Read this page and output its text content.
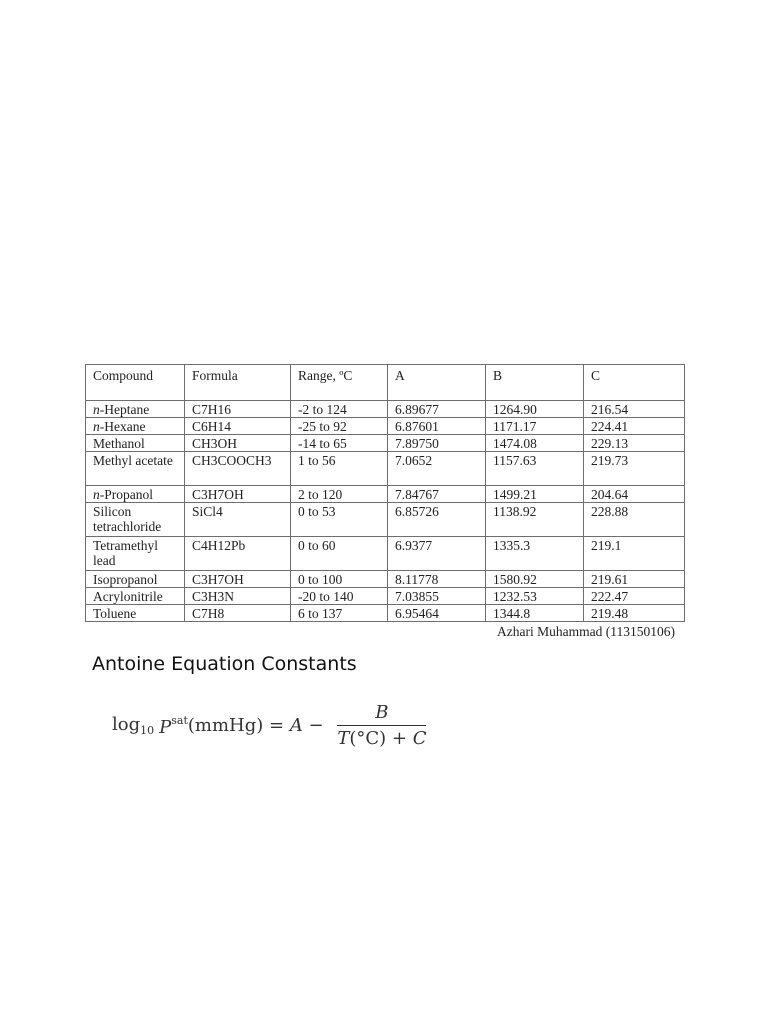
Compound	Formula	Range, ºC	A	B	C
n-Heptane	C7H16	-2 to 124	6.89677	1264.90	216.54
n-Hexane	C6H14	-25 to 92	6.87601	1171.17	224.41
Methanol	CH3OH	-14 to 65	7.89750	1474.08	229.13
Methyl acetate	CH3COOCH3	1 to 56	7.0652	1157.63	219.73
n-Propanol	C3H7OH	2 to 120	7.84767	1499.21	204.64
Silicon tetrachloride	SiCl4	0 to 53	6.85726	1138.92	228.88
Tetramethyl lead	C4H12Pb	0 to 60	6.9377	1335.3	219.1
Isopropanol	C3H7OH	0 to 100	8.11778	1580.92	219.61
Acrylonitrile	C3H3N	-20 to 140	7.03855	1232.53	222.47
Toluene	C7H8	6 to 137	6.95464	1344.8	219.48
Azhari Muhammad (113150106)
Antoine Equation Constants
$\log_{10} P^{sat}$ (mmHg) = $A - \frac{B}{T(^\circ C) + C}$
